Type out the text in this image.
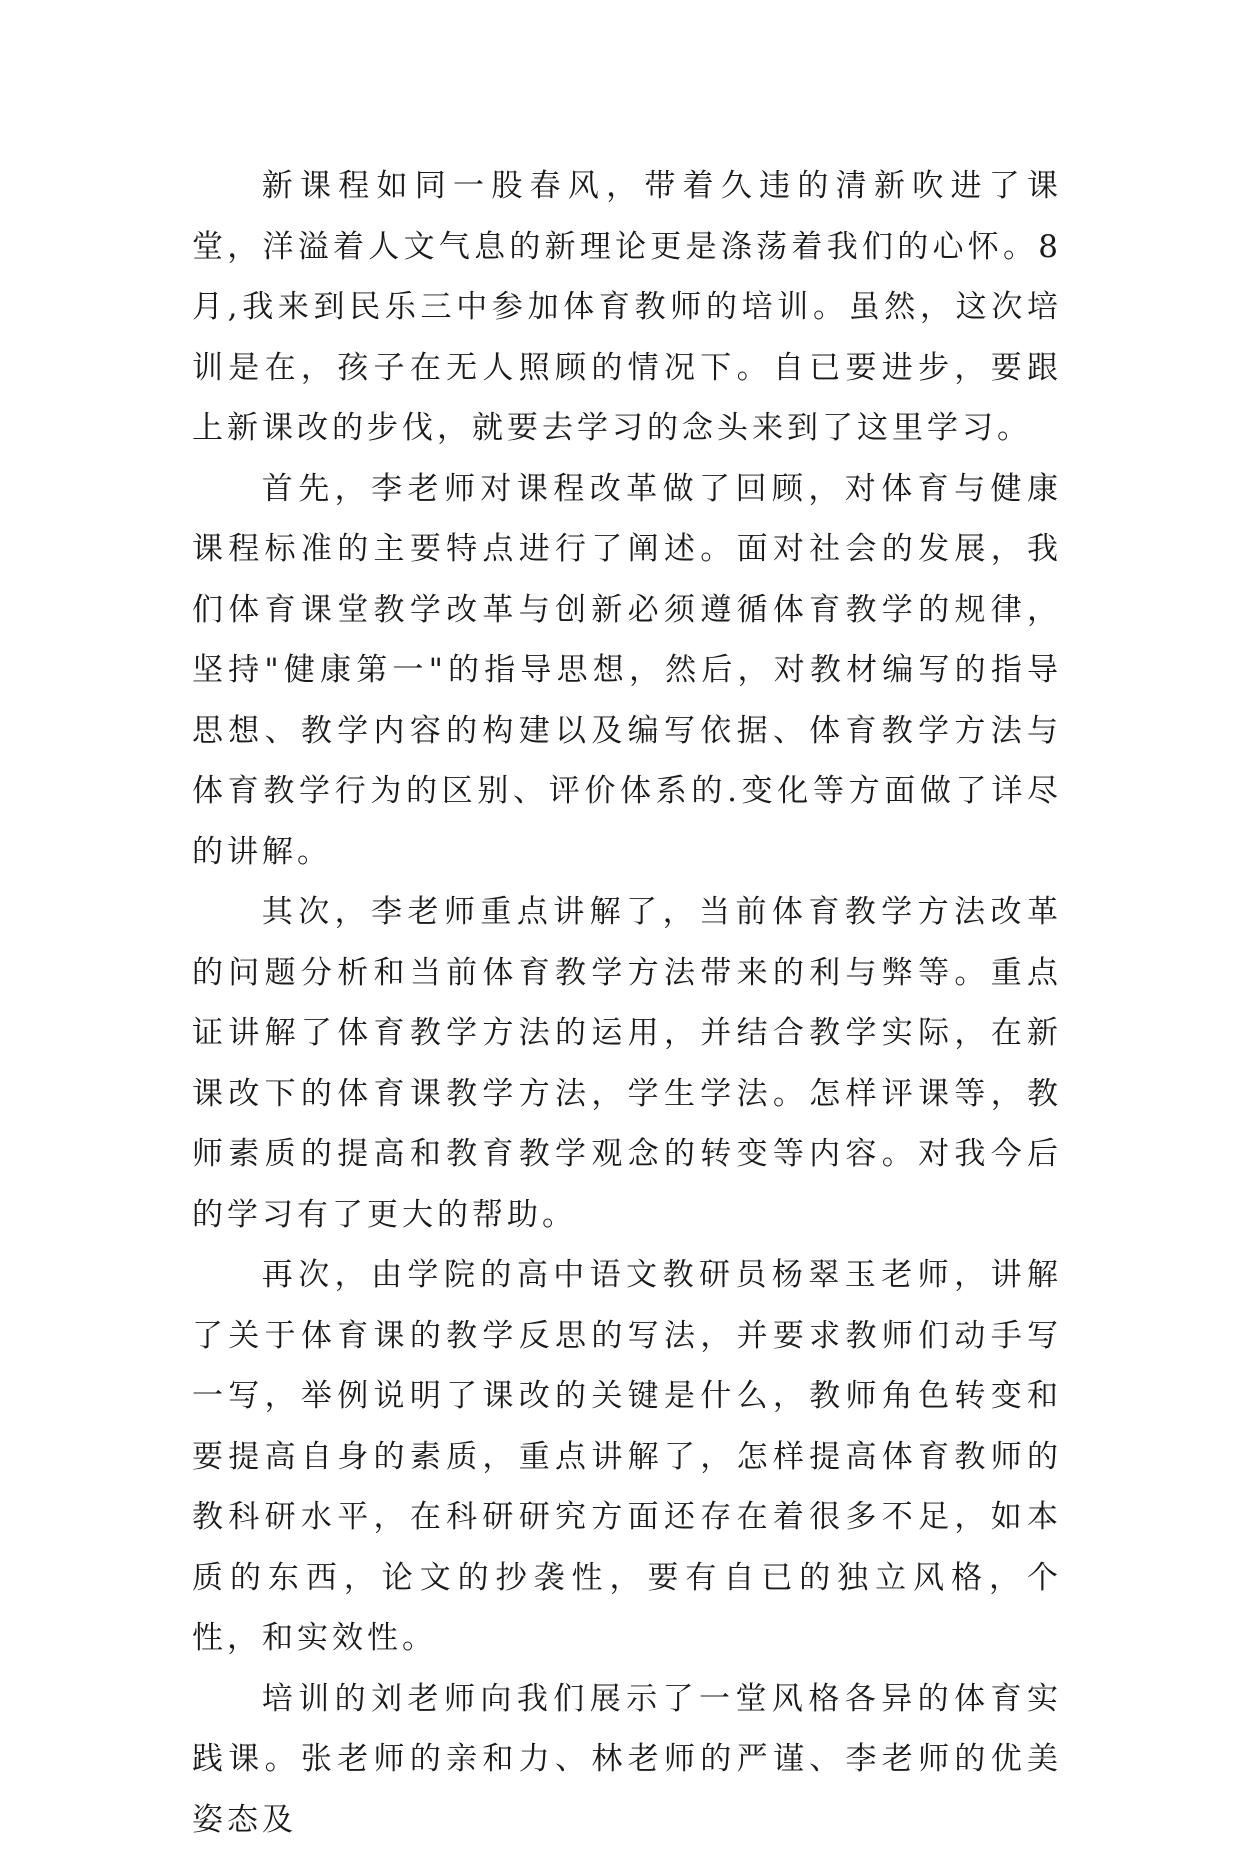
新课程如同一股春风，带着久违的清新吹进了课堂，洋溢着人文气息的新理论更是涤荡着我们的心怀。8月,我来到民乐三中参加体育教师的培训。虽然，这次培训是在，孩子在无人照顾的情况下。自已要进步，要跟上新课改的步伐，就要去学习的念头来到了这里学习。

首先，李老师对课程改革做了回顾，对体育与健康课程标准的主要特点进行了阐述。面对社会的发展，我们体育课堂教学改革与创新必须遵循体育教学的规律，坚持"健康第一"的指导思想，然后，对教材编写的指导思想、教学内容的构建以及编写依据、体育教学方法与体育教学行为的区别、评价体系的.变化等方面做了详尽的讲解。

其次，李老师重点讲解了，当前体育教学方法改革的问题分析和当前体育教学方法带来的利与弊等。重点证讲解了体育教学方法的运用，并结合教学实际，在新课改下的体育课教学方法，学生学法。怎样评课等，教师素质的提高和教育教学观念的转变等内容。对我今后的学习有了更大的帮助。

再次，由学院的高中语文教研员杨翠玉老师，讲解了关于体育课的教学反思的写法，并要求教师们动手写一写，举例说明了课改的关键是什么，教师角色转变和要提高自身的素质，重点讲解了，怎样提高体育教师的教科研水平，在科研研究方面还存在着很多不足，如本质的东西，论文的抄袭性，要有自已的独立风格，个性，和实效性。

培训的刘老师向我们展示了一堂风格各异的体育实践课。张老师的亲和力、林老师的严谨、李老师的优美姿态及
